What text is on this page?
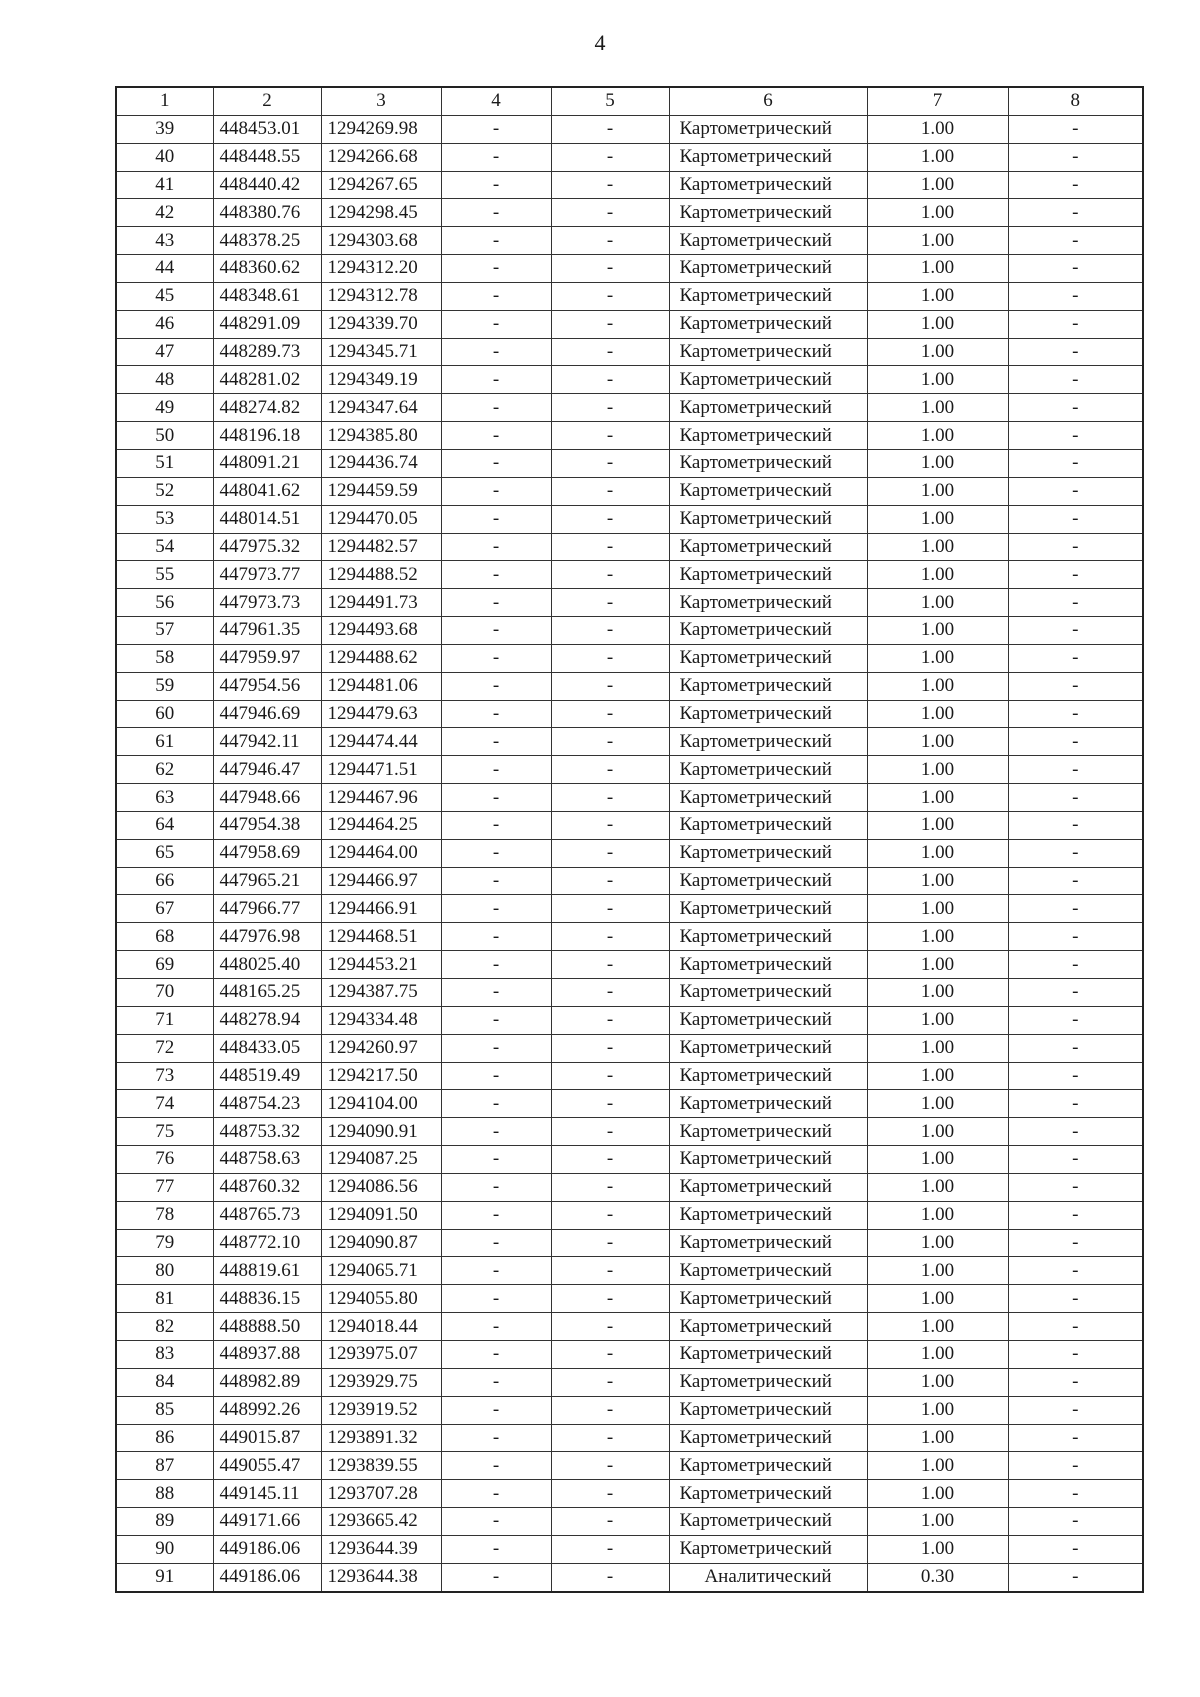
4
1	2	3	4	5	6	7	8
39	448453.01	1294269.98	-	-	Картометрический	1.00	-
40	448448.55	1294266.68	-	-	Картометрический	1.00	-
41	448440.42	1294267.65	-	-	Картометрический	1.00	-
42	448380.76	1294298.45	-	-	Картометрический	1.00	-
43	448378.25	1294303.68	-	-	Картометрический	1.00	-
44	448360.62	1294312.20	-	-	Картометрический	1.00	-
45	448348.61	1294312.78	-	-	Картометрический	1.00	-
46	448291.09	1294339.70	-	-	Картометрический	1.00	-
47	448289.73	1294345.71	-	-	Картометрический	1.00	-
48	448281.02	1294349.19	-	-	Картометрический	1.00	-
49	448274.82	1294347.64	-	-	Картометрический	1.00	-
50	448196.18	1294385.80	-	-	Картометрический	1.00	-
51	448091.21	1294436.74	-	-	Картометрический	1.00	-
52	448041.62	1294459.59	-	-	Картометрический	1.00	-
53	448014.51	1294470.05	-	-	Картометрический	1.00	-
54	447975.32	1294482.57	-	-	Картометрический	1.00	-
55	447973.77	1294488.52	-	-	Картометрический	1.00	-
56	447973.73	1294491.73	-	-	Картометрический	1.00	-
57	447961.35	1294493.68	-	-	Картометрический	1.00	-
58	447959.97	1294488.62	-	-	Картометрический	1.00	-
59	447954.56	1294481.06	-	-	Картометрический	1.00	-
60	447946.69	1294479.63	-	-	Картометрический	1.00	-
61	447942.11	1294474.44	-	-	Картометрический	1.00	-
62	447946.47	1294471.51	-	-	Картометрический	1.00	-
63	447948.66	1294467.96	-	-	Картометрический	1.00	-
64	447954.38	1294464.25	-	-	Картометрический	1.00	-
65	447958.69	1294464.00	-	-	Картометрический	1.00	-
66	447965.21	1294466.97	-	-	Картометрический	1.00	-
67	447966.77	1294466.91	-	-	Картометрический	1.00	-
68	447976.98	1294468.51	-	-	Картометрический	1.00	-
69	448025.40	1294453.21	-	-	Картометрический	1.00	-
70	448165.25	1294387.75	-	-	Картометрический	1.00	-
71	448278.94	1294334.48	-	-	Картометрический	1.00	-
72	448433.05	1294260.97	-	-	Картометрический	1.00	-
73	448519.49	1294217.50	-	-	Картометрический	1.00	-
74	448754.23	1294104.00	-	-	Картометрический	1.00	-
75	448753.32	1294090.91	-	-	Картометрический	1.00	-
76	448758.63	1294087.25	-	-	Картометрический	1.00	-
77	448760.32	1294086.56	-	-	Картометрический	1.00	-
78	448765.73	1294091.50	-	-	Картометрический	1.00	-
79	448772.10	1294090.87	-	-	Картометрический	1.00	-
80	448819.61	1294065.71	-	-	Картометрический	1.00	-
81	448836.15	1294055.80	-	-	Картометрический	1.00	-
82	448888.50	1294018.44	-	-	Картометрический	1.00	-
83	448937.88	1293975.07	-	-	Картометрический	1.00	-
84	448982.89	1293929.75	-	-	Картометрический	1.00	-
85	448992.26	1293919.52	-	-	Картометрический	1.00	-
86	449015.87	1293891.32	-	-	Картометрический	1.00	-
87	449055.47	1293839.55	-	-	Картометрический	1.00	-
88	449145.11	1293707.28	-	-	Картометрический	1.00	-
89	449171.66	1293665.42	-	-	Картометрический	1.00	-
90	449186.06	1293644.39	-	-	Картометрический	1.00	-
91	449186.06	1293644.38	-	-	Аналитический	0.30	-
